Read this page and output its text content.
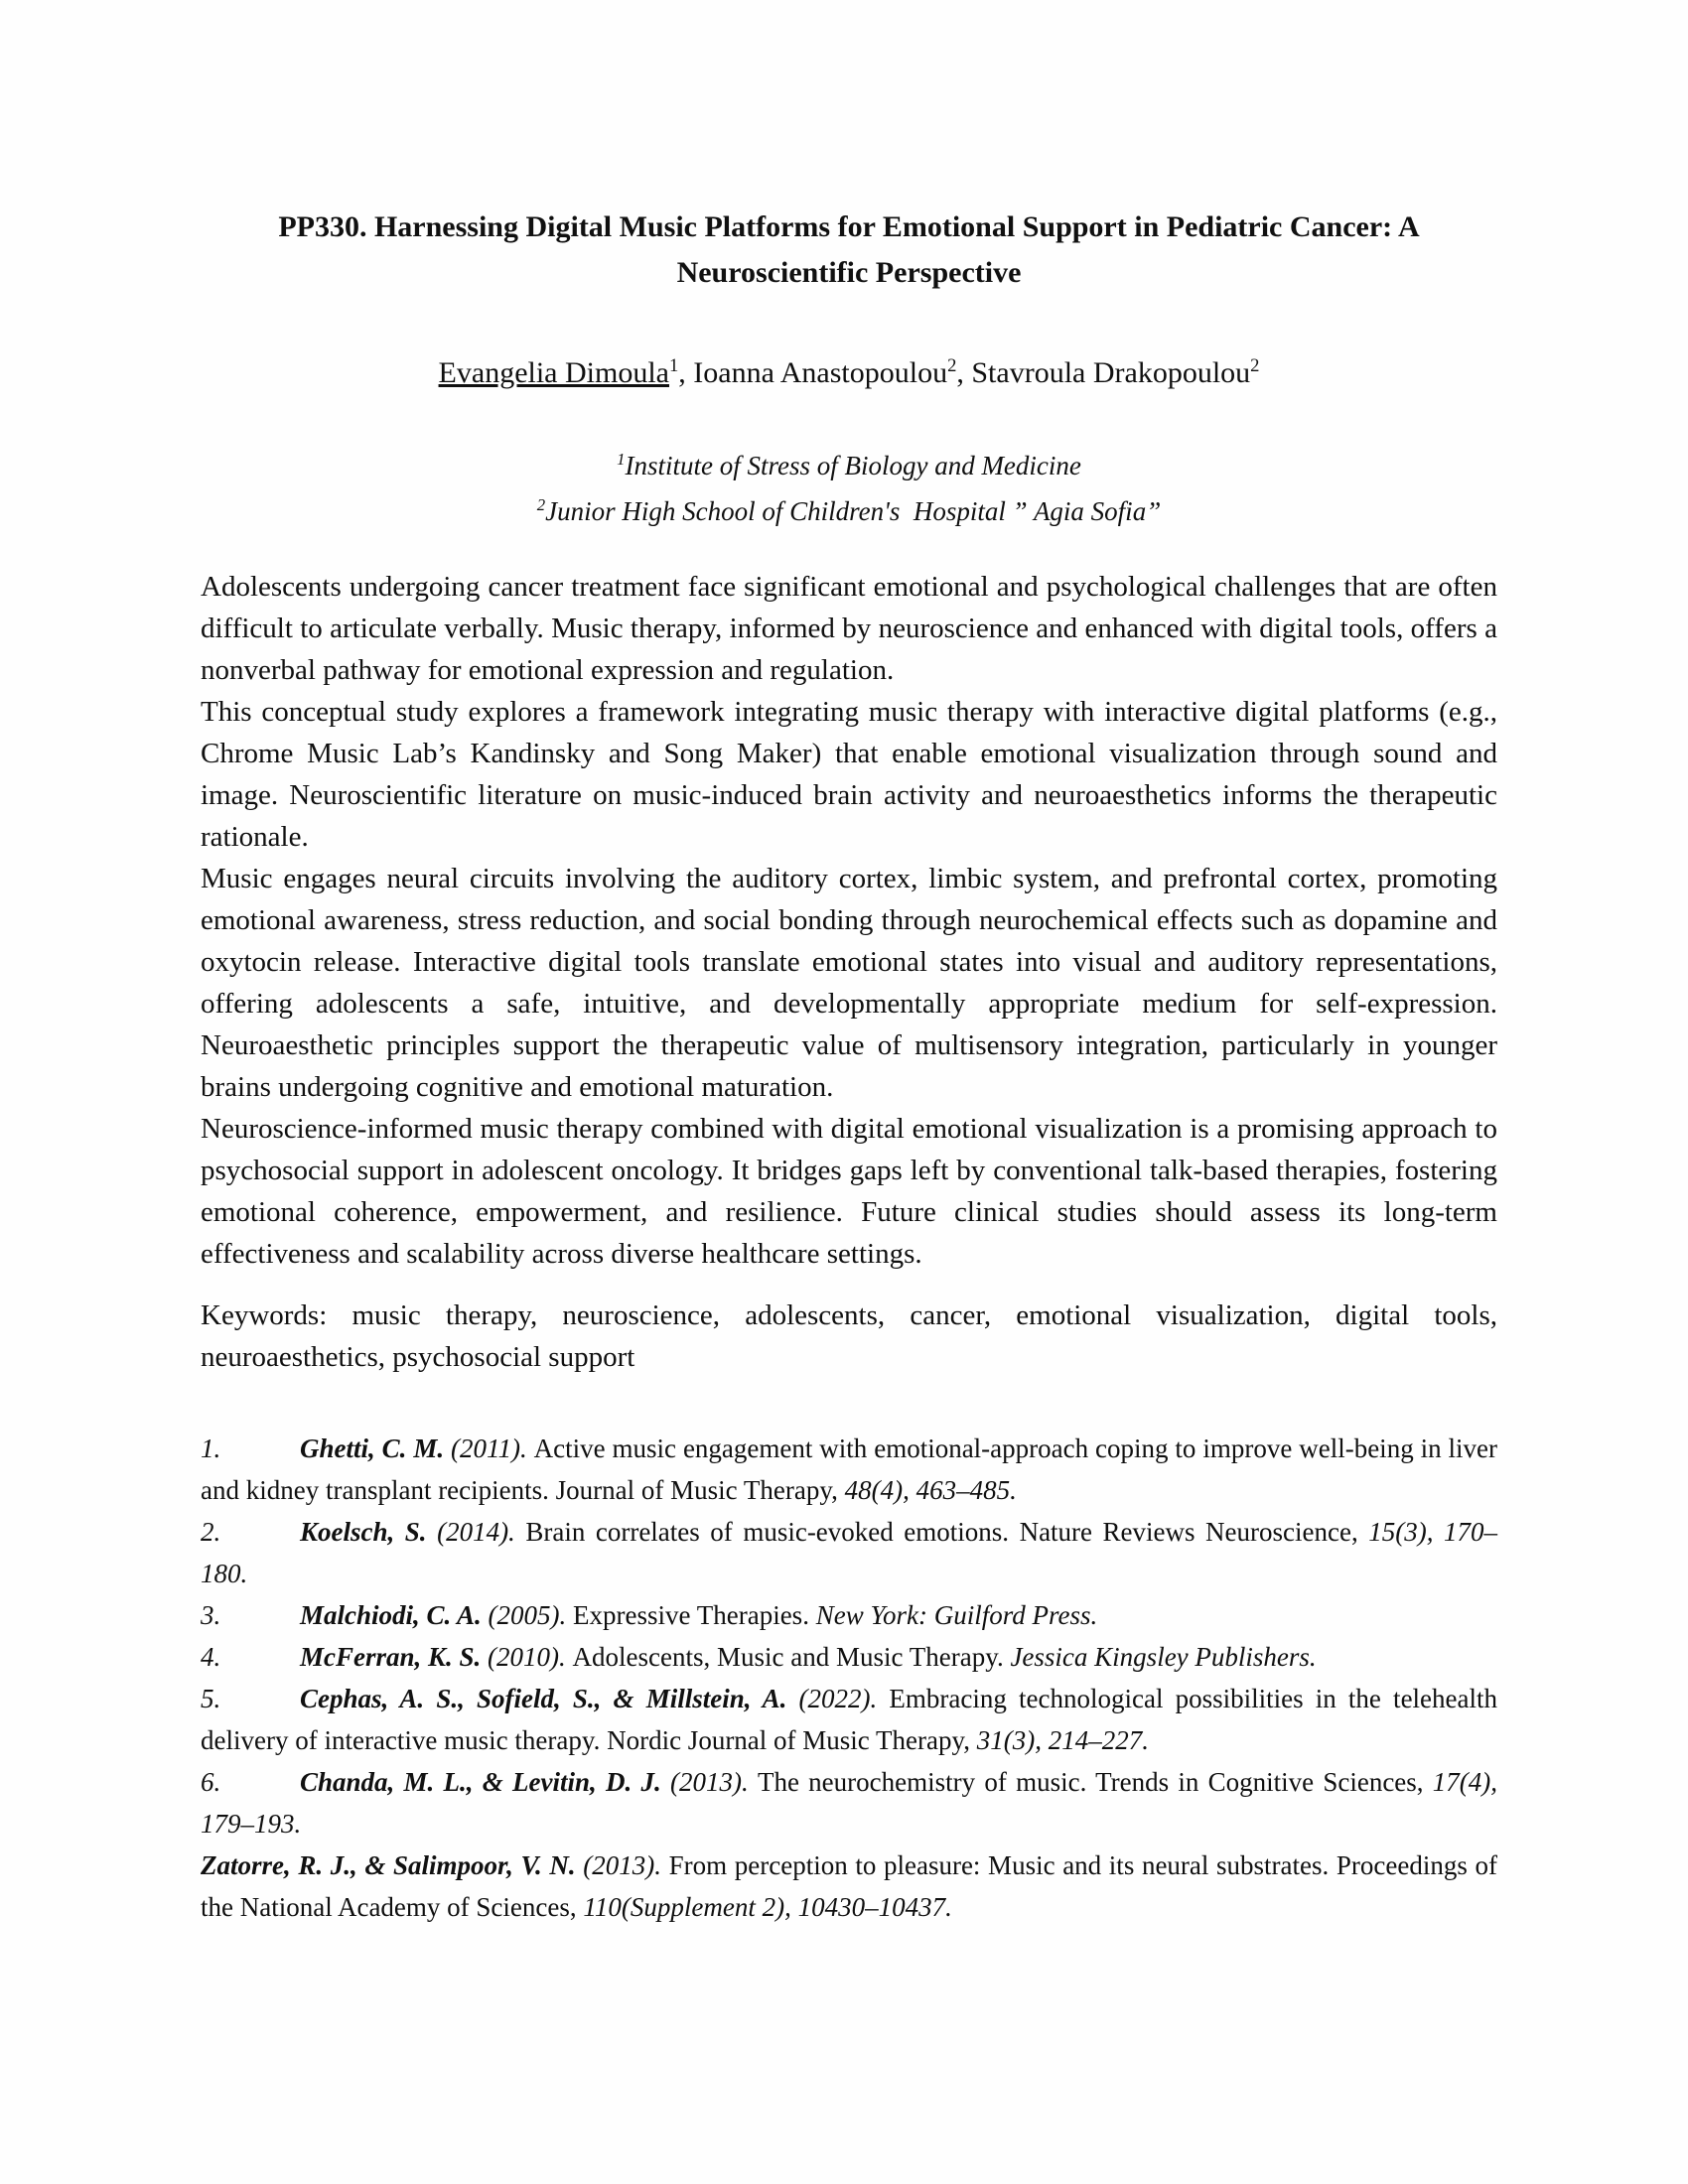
PP330. Harnessing Digital Music Platforms for Emotional Support in Pediatric Cancer: A
Neuroscientific Perspective

Evangelia Dimoula$^1$, Ioanna Anastopoulou$^2$, Stavroula Drakopoulou$^2$

$^1$Institute of Stress of Biology and Medicine

$^2$Junior High School of Children's  Hospital ” Agia Sofia”

Adolescents undergoing cancer treatment face significant emotional and psychological challenges that are often difficult to articulate verbally. Music therapy, informed by neuroscience and enhanced with digital tools, offers a nonverbal pathway for emotional expression and regulation.

This conceptual study explores a framework integrating music therapy with interactive digital platforms (e.g., Chrome Music Lab’s Kandinsky and Song Maker) that enable emotional visualization through sound and image. Neuroscientific literature on music-induced brain activity and neuroaesthetics informs the therapeutic rationale.

Music engages neural circuits involving the auditory cortex, limbic system, and prefrontal cortex, promoting emotional awareness, stress reduction, and social bonding through neurochemical effects such as dopamine and oxytocin release. Interactive digital tools translate emotional states into visual and auditory representations, offering adolescents a safe, intuitive, and developmentally appropriate medium for self-expression. Neuroaesthetic principles support the therapeutic value of multisensory integration, particularly in younger brains undergoing cognitive and emotional maturation.

Neuroscience-informed music therapy combined with digital emotional visualization is a promising approach to psychosocial support in adolescent oncology. It bridges gaps left by conventional talk-based therapies, fostering emotional coherence, empowerment, and resilience. Future clinical studies should assess its long-term effectiveness and scalability across diverse healthcare settings.

Keywords: music therapy, neuroscience, adolescents, cancer, emotional visualization, digital tools, neuroaesthetics, psychosocial support

1.	Ghetti, C. M. (2011). Active music engagement with emotional-approach coping to improve well-being in liver and kidney transplant recipients. Journal of Music Therapy, 48(4), 463–485.

2.	Koelsch, S. (2014). Brain correlates of music-evoked emotions. Nature Reviews Neuroscience, 15(3), 170–180.

3.	Malchiodi, C. A. (2005). Expressive Therapies. New York: Guilford Press.

4.	McFerran, K. S. (2010). Adolescents, Music and Music Therapy. Jessica Kingsley Publishers.

5.	Cephas, A. S., Sofield, S., & Millstein, A. (2022). Embracing technological possibilities in the telehealth delivery of interactive music therapy. Nordic Journal of Music Therapy, 31(3), 214–227.

6.	Chanda, M. L., & Levitin, D. J. (2013). The neurochemistry of music. Trends in Cognitive Sciences, 17(4), 179–193.

Zatorre, R. J., & Salimpoor, V. N. (2013). From perception to pleasure: Music and its neural substrates. Proceedings of the National Academy of Sciences, 110(Supplement 2), 10430–10437.
